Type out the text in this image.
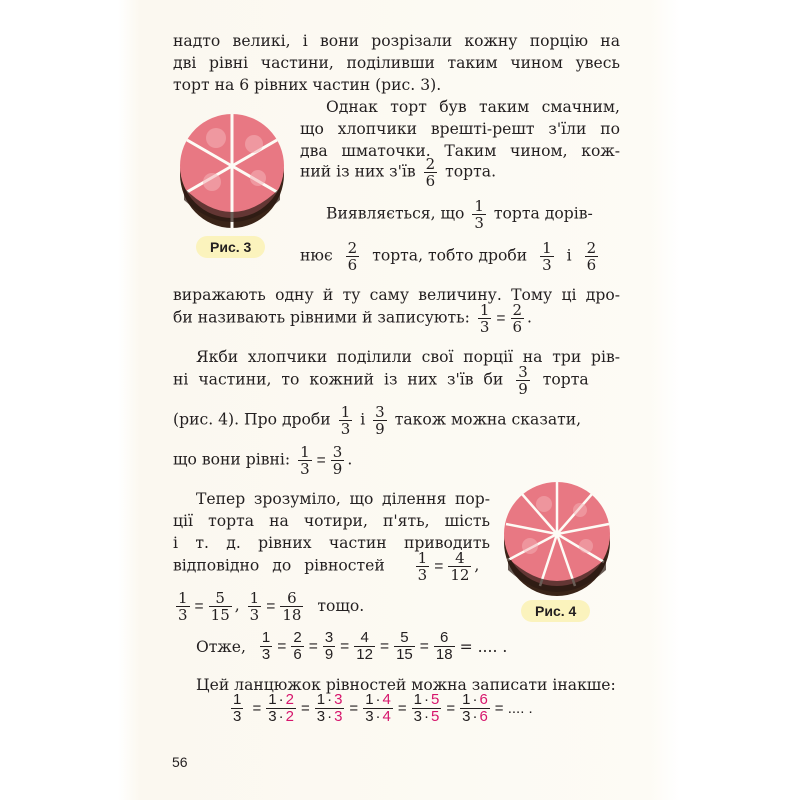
надто великі, і вони розрізали кожну порцію на
дві рівні частини, поділивши таким чином увесь
торт на 6 рівних частин (рис. 3).
Рис. 3
Однак торт був таким смачним,
що хлопчики врешті-решт з'їли по
два шматочки. Таким чином, кож-
ний із них $з'їв \frac{2}{6}$ торта.
Виявляється, що $\frac{1}{3}$ торта дорів-
нює $\frac{2}{6}$ торта, тобто дроби $\frac{1}{3}$ і $\frac{2}{6}$
виражають одну й ту саму величину. Тому ці дро-
би називають рівними й записують: $\frac{1}{3} = \frac{2}{6}$ .
Якби хлопчики поділили свої порції на три рів-
ні частини, то кожний із них з'їв би $\frac{3}{9}$ торта
(рис. 4). Про дроби $\frac{1}{3}$ і $\frac{3}{9}$ також можна сказати,
що вони рівні: $\frac{1}{3} = \frac{3}{9}$ .
Тепер зрозуміло, що ділення пор-
ції торта на чотири, п'ять, шість
і т. д. рівних частин приводить
відповідно до рівностей $\frac{1}{3} = \frac{4}{12}$ ,
$\frac{1}{3} = \frac{5}{15}$ , $\frac{1}{3} = \frac{6}{18}$ тощо.	Рис. 4
Отже, $\frac{1}{3} = \frac{2}{6} = \frac{3}{9} = \frac{4}{12} = \frac{5}{15} = \frac{6}{18}$ = .... .
Цей ланцюжок рівностей можна записати інакше:
$\frac{1}{3} = \frac{1 \cdot 2}{3 \cdot 2} = \frac{1 \cdot 3}{3 \cdot 3} = \frac{1 \cdot 4}{3 \cdot 4} = \frac{1 \cdot 5}{3 \cdot 5} = \frac{1 \cdot 6}{3 \cdot 6}$ = .... .
56
